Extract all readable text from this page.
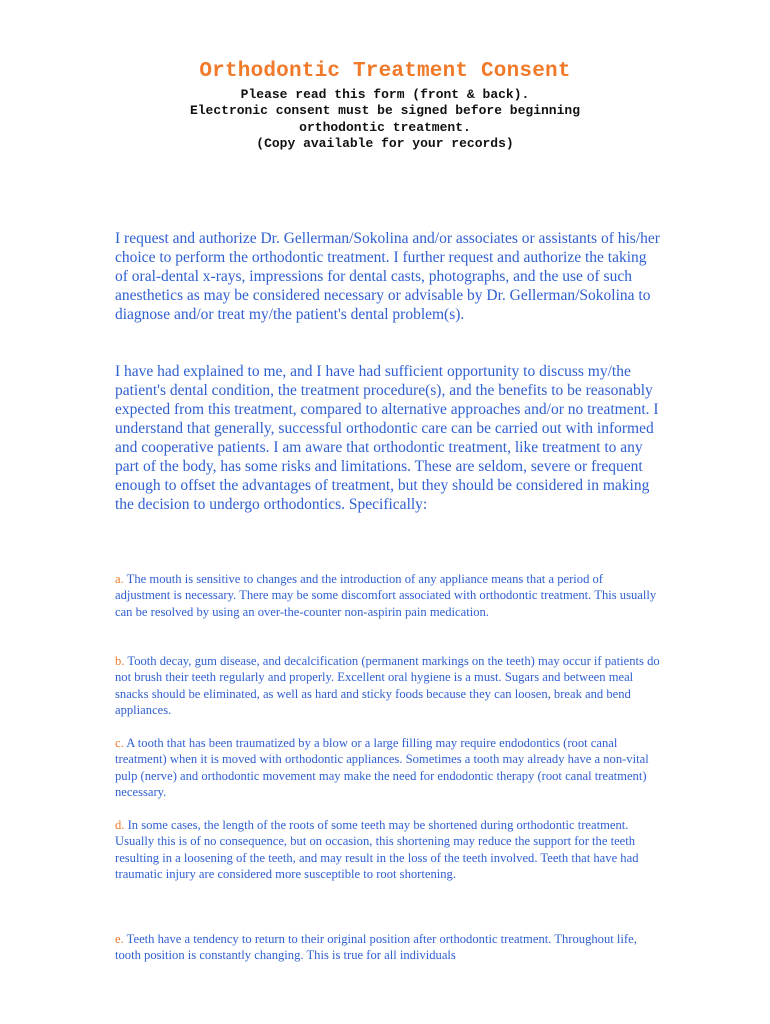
Orthodontic Treatment Consent
Please read this form (front & back).
Electronic consent must be signed before beginning
orthodontic treatment.
(Copy available for your records)

I request and authorize Dr. Gellerman/Sokolina and/or associates or assistants of his/her choice to perform the orthodontic treatment. I further request and authorize the taking of oral-dental x-rays, impressions for dental casts, photographs, and the use of such anesthetics as may be considered necessary or advisable by Dr. Gellerman/Sokolina to diagnose and/or treat my/the patient's dental problem(s).

I have had explained to me, and I have had sufficient opportunity to discuss my/the patient's dental condition, the treatment procedure(s), and the benefits to be reasonably expected from this treatment, compared to alternative approaches and/or no treatment. I understand that generally, successful orthodontic care can be carried out with informed and cooperative patients. I am aware that orthodontic treatment, like treatment to any part of the body, has some risks and limitations. These are seldom, severe or frequent enough to offset the advantages of treatment, but they should be considered in making the decision to undergo orthodontics. Specifically:

a. The mouth is sensitive to changes and the introduction of any appliance means that a period of adjustment is necessary. There may be some discomfort associated with orthodontic treatment. This usually can be resolved by using an over-the-counter non-aspirin pain medication.

b. Tooth decay, gum disease, and decalcification (permanent markings on the teeth) may occur if patients do not brush their teeth regularly and properly. Excellent oral hygiene is a must. Sugars and between meal snacks should be eliminated, as well as hard and sticky foods because they can loosen, break and bend appliances.

c. A tooth that has been traumatized by a blow or a large filling may require endodontics (root canal treatment) when it is moved with orthodontic appliances. Sometimes a tooth may already have a non-vital pulp (nerve) and orthodontic movement may make the need for endodontic therapy (root canal treatment) necessary.

d. In some cases, the length of the roots of some teeth may be shortened during orthodontic treatment. Usually this is of no consequence, but on occasion, this shortening may reduce the support for the teeth resulting in a loosening of the teeth, and may result in the loss of the teeth involved. Teeth that have had traumatic injury are considered more susceptible to root shortening.

e. Teeth have a tendency to return to their original position after orthodontic treatment. Throughout life, tooth position is constantly changing. This is true for all individuals
